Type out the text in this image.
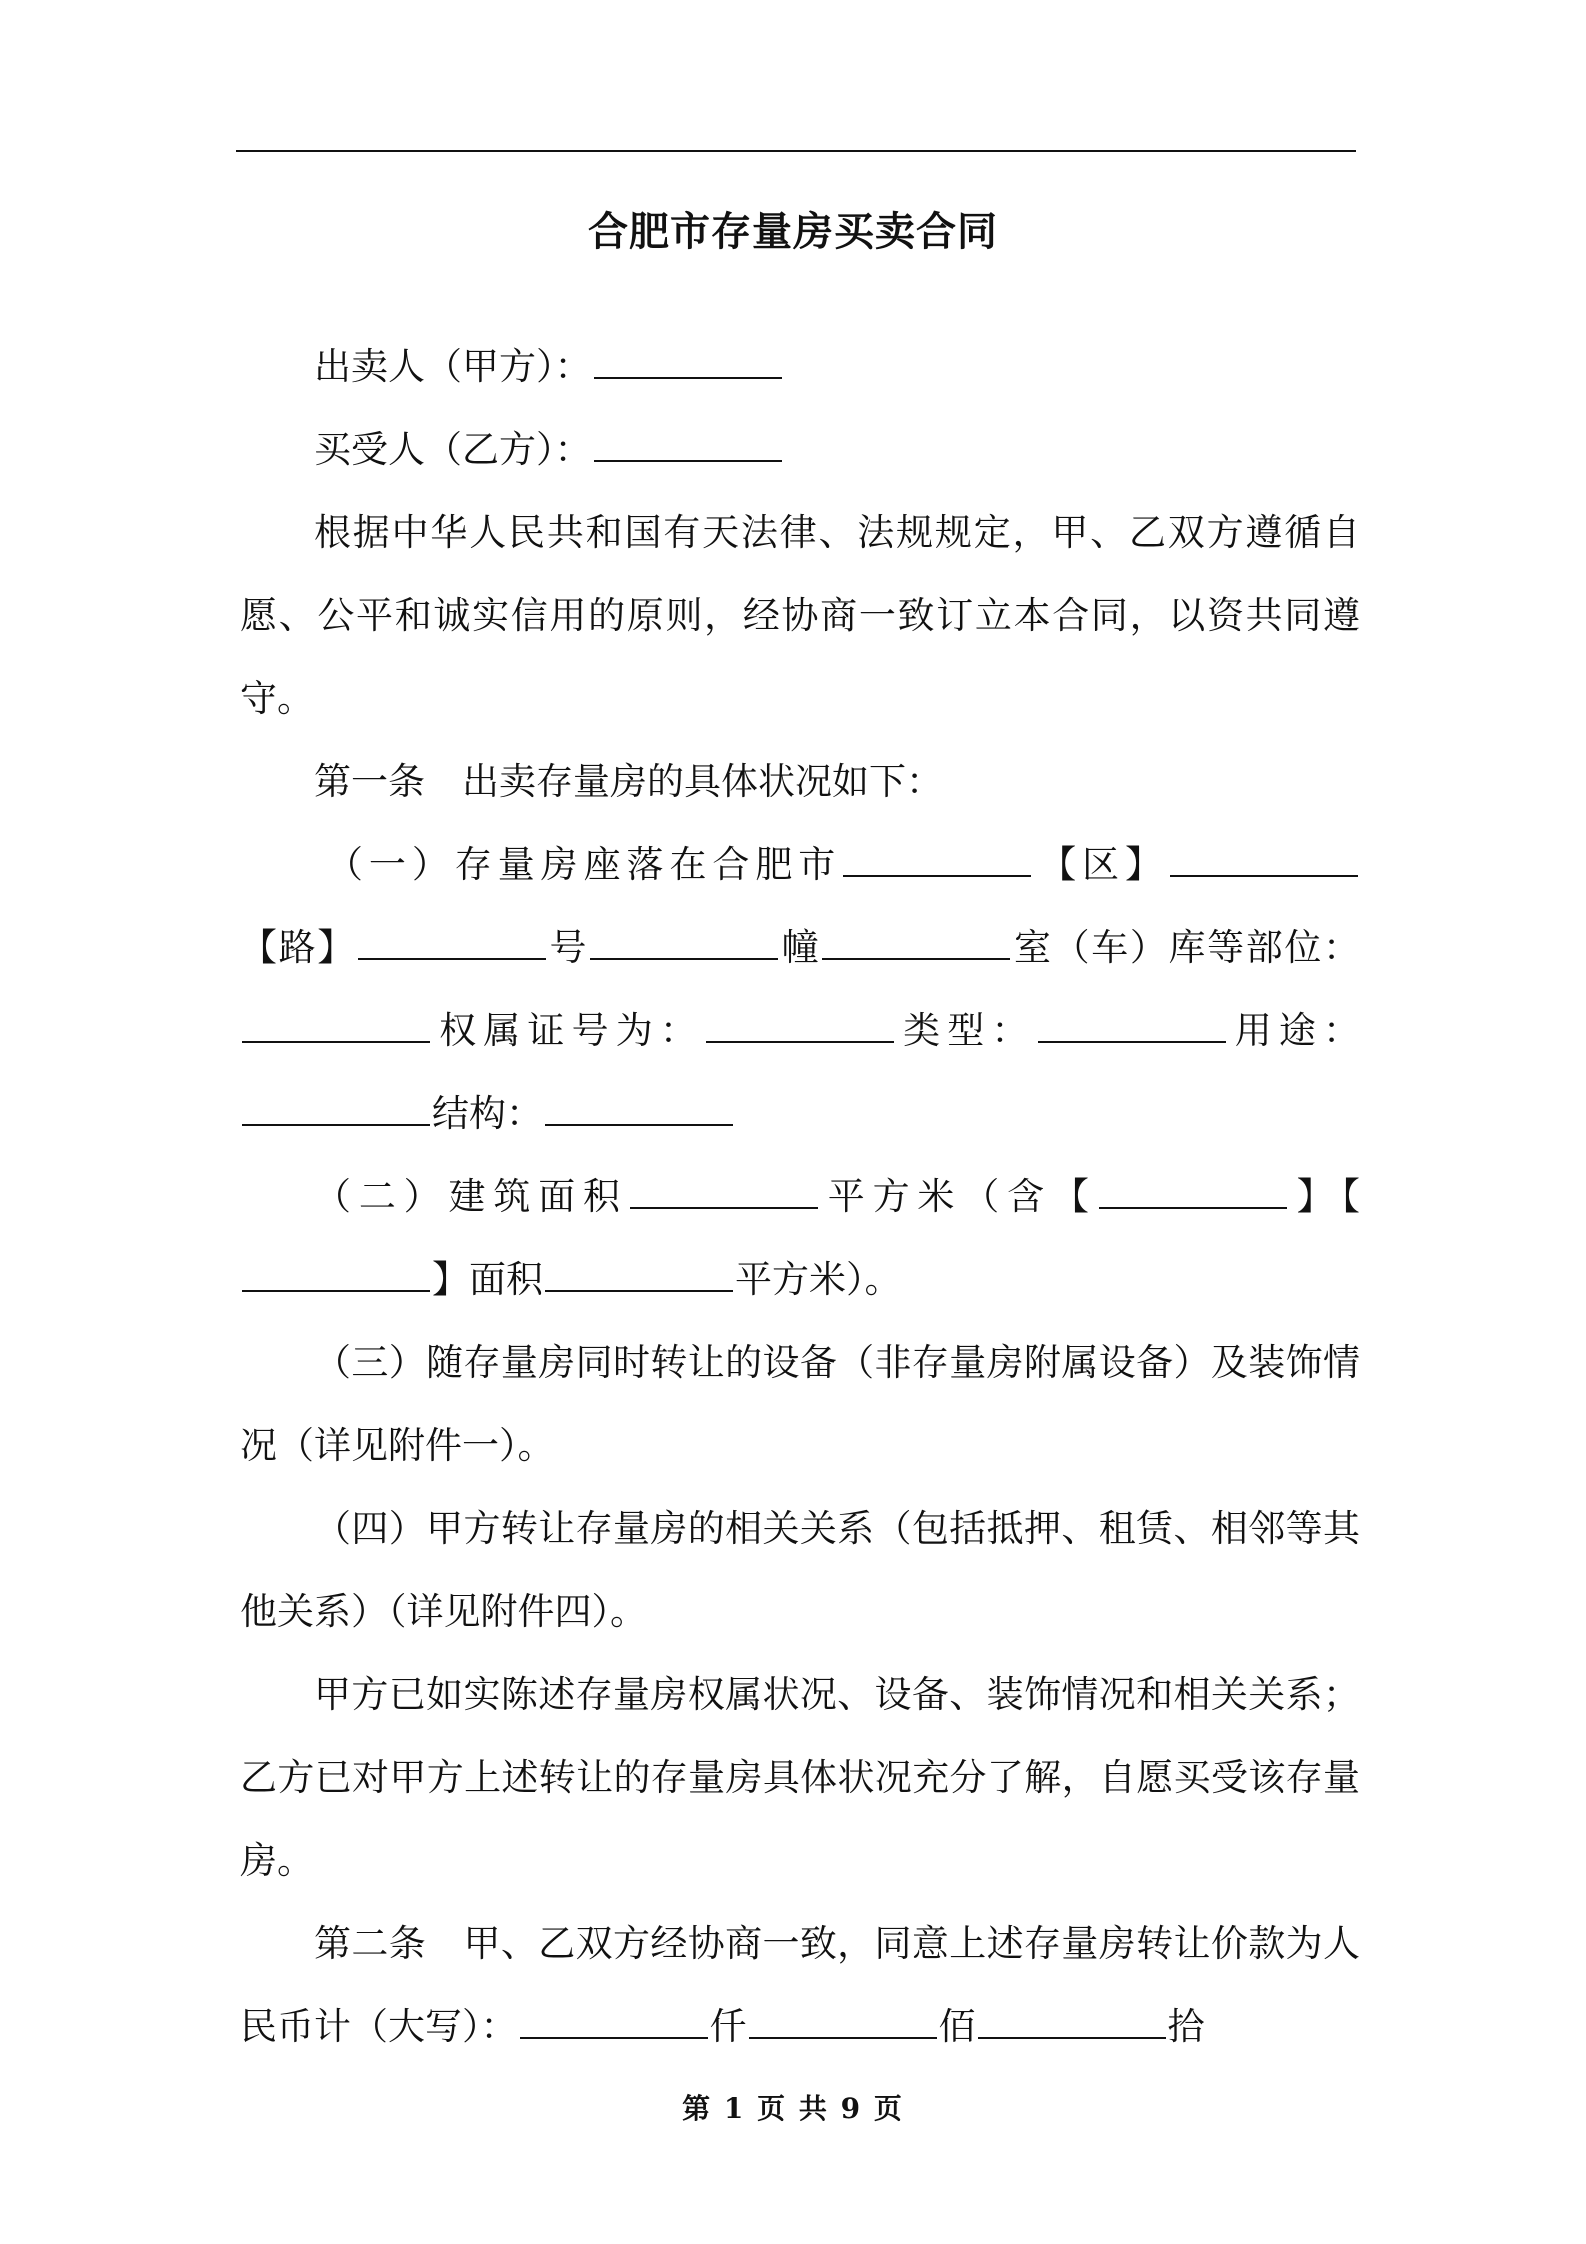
合肥市存量房买卖合同

出卖人（甲方）：

买受人（乙方）：

根据中华人民共和国有天法律、法规规定，甲、乙双方遵循自愿、公平和诚实信用的原则，经协商一致订立本合同，以资共同遵守。

第一条　出卖存量房的具体状况如下：

（一）存量房座落在合肥市	【区】【路】	号	幢	室（车）库等部位：权属证号为：	类型：	用途：结构：

（二）建筑面积	平方米（含【	】【】面积	平方米）。

（三）随存量房同时转让的设备（非存量房附属设备）及装饰情况（详见附件一）。

（四）甲方转让存量房的相关关系（包括抵押、租赁、相邻等其他关系）（详见附件四）。

甲方已如实陈述存量房权属状况、设备、装饰情况和相关关系；乙方已对甲方上述转让的存量房具体状况充分了解，自愿买受该存量房。

第二条　甲、乙双方经协商一致，同意上述存量房转让价款为人民币计（大写）：	仟	佰	拾

第 1 页 共 9 页
